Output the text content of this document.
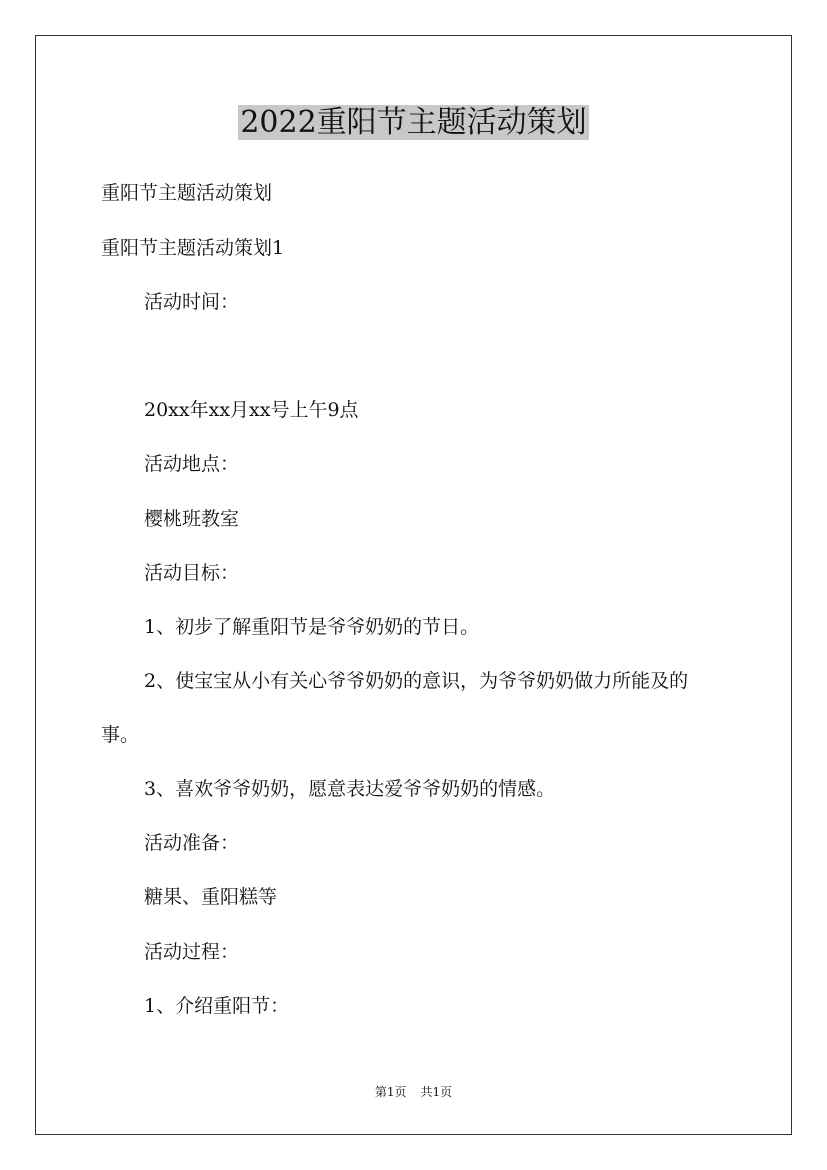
2022重阳节主题活动策划
重阳节主题活动策划
重阳节主题活动策划1
活动时间：
20xx年xx月xx号上午9点
活动地点：
樱桃班教室
活动目标：
1、初步了解重阳节是爷爷奶奶的节日。
2、使宝宝从小有关心爷爷奶奶的意识，为爷爷奶奶做力所能及的
事。
3、喜欢爷爷奶奶，愿意表达爱爷爷奶奶的情感。
活动准备：
糖果、重阳糕等
活动过程：
1、介绍重阳节：
第1页 共1页
